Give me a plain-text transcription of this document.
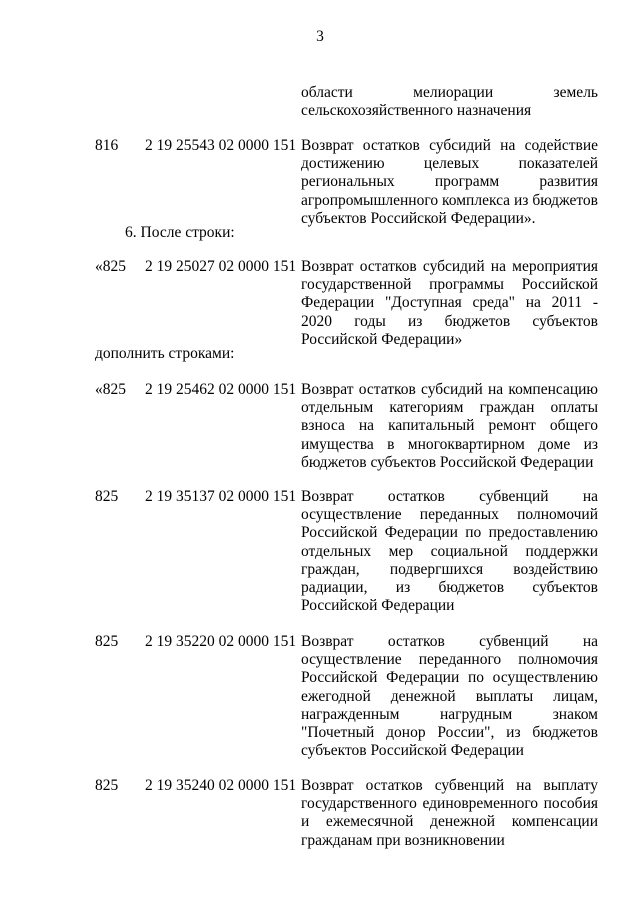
3
области мелиорации земель сельскохозяйственного назначения
816 2 19 25543 02 0000 151 Возврат остатков субсидий на содействие достижению целевых показателей региональных программ развития агропромышленного комплекса из бюджетов субъектов Российской Федерации».
6. После строки:
«825 2 19 25027 02 0000 151 Возврат остатков субсидий на мероприятия государственной программы Российской Федерации "Доступная среда" на 2011 - 2020 годы из бюджетов субъектов Российской Федерации»
дополнить строками:
«825 2 19 25462 02 0000 151 Возврат остатков субсидий на компенсацию отдельным категориям граждан оплаты взноса на капитальный ремонт общего имущества в многоквартирном доме из бюджетов субъектов Российской Федерации
825 2 19 35137 02 0000 151 Возврат остатков субвенций на осуществление переданных полномочий Российской Федерации по предоставлению отдельных мер социальной поддержки граждан, подвергшихся воздействию радиации, из бюджетов субъектов Российской Федерации
825 2 19 35220 02 0000 151 Возврат остатков субвенций на осуществление переданного полномочия Российской Федерации по осуществлению ежегодной денежной выплаты лицам, награжденным нагрудным знаком "Почетный донор России", из бюджетов субъектов Российской Федерации
825 2 19 35240 02 0000 151 Возврат остатков субвенций на выплату государственного единовременного пособия и ежемесячной денежной компенсации гражданам при возникновении
